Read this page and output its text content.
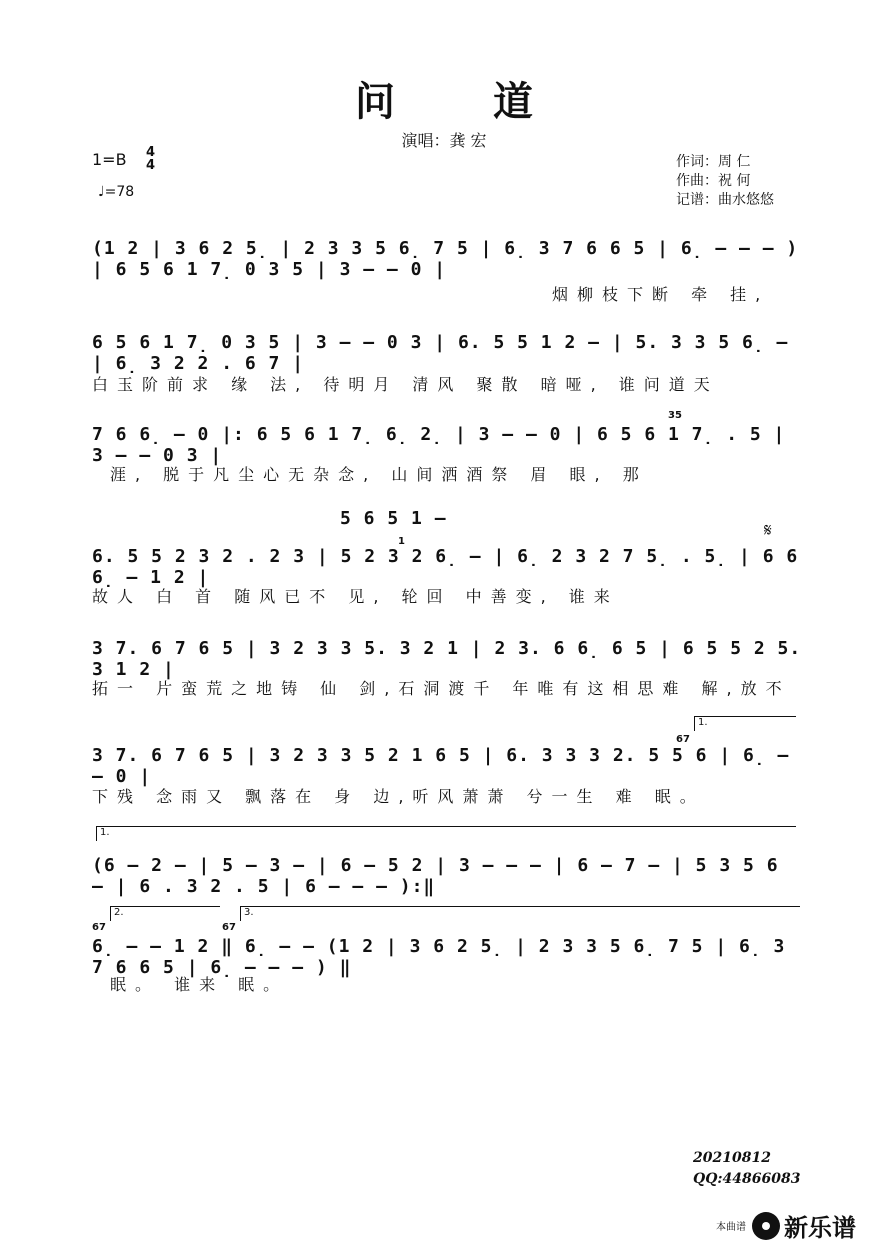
问 道
演唱：龚 宏
1=B 4
4
♩=78
作词：周 仁
作曲：祝 何
记谱：曲水悠悠
(1 2 | 3 6 2 5̣ | 2 3 3 5 6̣ 7 5 | 6̣ 3 7 6 6 5 | 6̣ – – – ) | 6 5 6 1 7̣ 0 3 5 | 3 – – 0 |
烟柳枝下断 牵 挂,
6 5 6 1 7̣ 0 3 5 | 3 – – 0 3 | 6. 5 5 1 2 – | 5. 3 3 5 6̣ – | 6̣ 3 2 2 . 6 7 |
白玉阶前求 缘 法, 待明月 清风 聚散 暗哑, 谁问道天
35
7 6 6̣ – 0 |: 6 5 6 1 7̣ 6̣ 2̣ | 3 – – 0 | 6 5 6 1 7̣ . 5 | 3 – – 0 3 |
涯, 脱于凡尘心无杂念, 山间洒酒祭 眉 眼, 那
5 6 5 1 –
1
𝄋
6. 5 5 2 3 2 . 2 3 | 5 2 3 2 6̣ – | 6̣ 2 3 2 7 5̣ . 5̣ | 6 6 6̣ – 1 2 |
故人 白 首 随风已不 见, 轮回 中善变, 谁来
3 7. 6 7 6 5 | 3 2 3 3 5. 3 2 1 | 2 3. 6 6̣ 6 5 | 6 5 5 2 5. 3 1 2 |
拓一 片蛮荒之地铸 仙 剑,石洞渡千 年唯有这相思难 解,放不
1.
67
3 7. 6 7 6 5 | 3 2 3 3 5 2 1 6 5 | 6. 3 3 3 2. 5 5 6 | 6̣ – – 0 |
下残 念雨又 飘落在 身 边,听风萧萧 兮一生 难 眠。
1.
(6 – 2 – | 5 – 3 – | 6 – 5 2 | 3 – – – | 6 – 7 – | 5 3 5 6 – | 6 . 3 2 . 5 | 6 – – – ):‖
2.	3.
67	67
6̣ – – 1 2 ‖ 6̣ – – (1 2 | 3 6 2 5̣ | 2 3 3 5 6̣ 7 5 | 6̣ 3 7 6 6 5 | 6̣ – – – ) ‖
眠。 谁来 眠。
20210812
QQ:44866083
本曲谱 新乐谱
